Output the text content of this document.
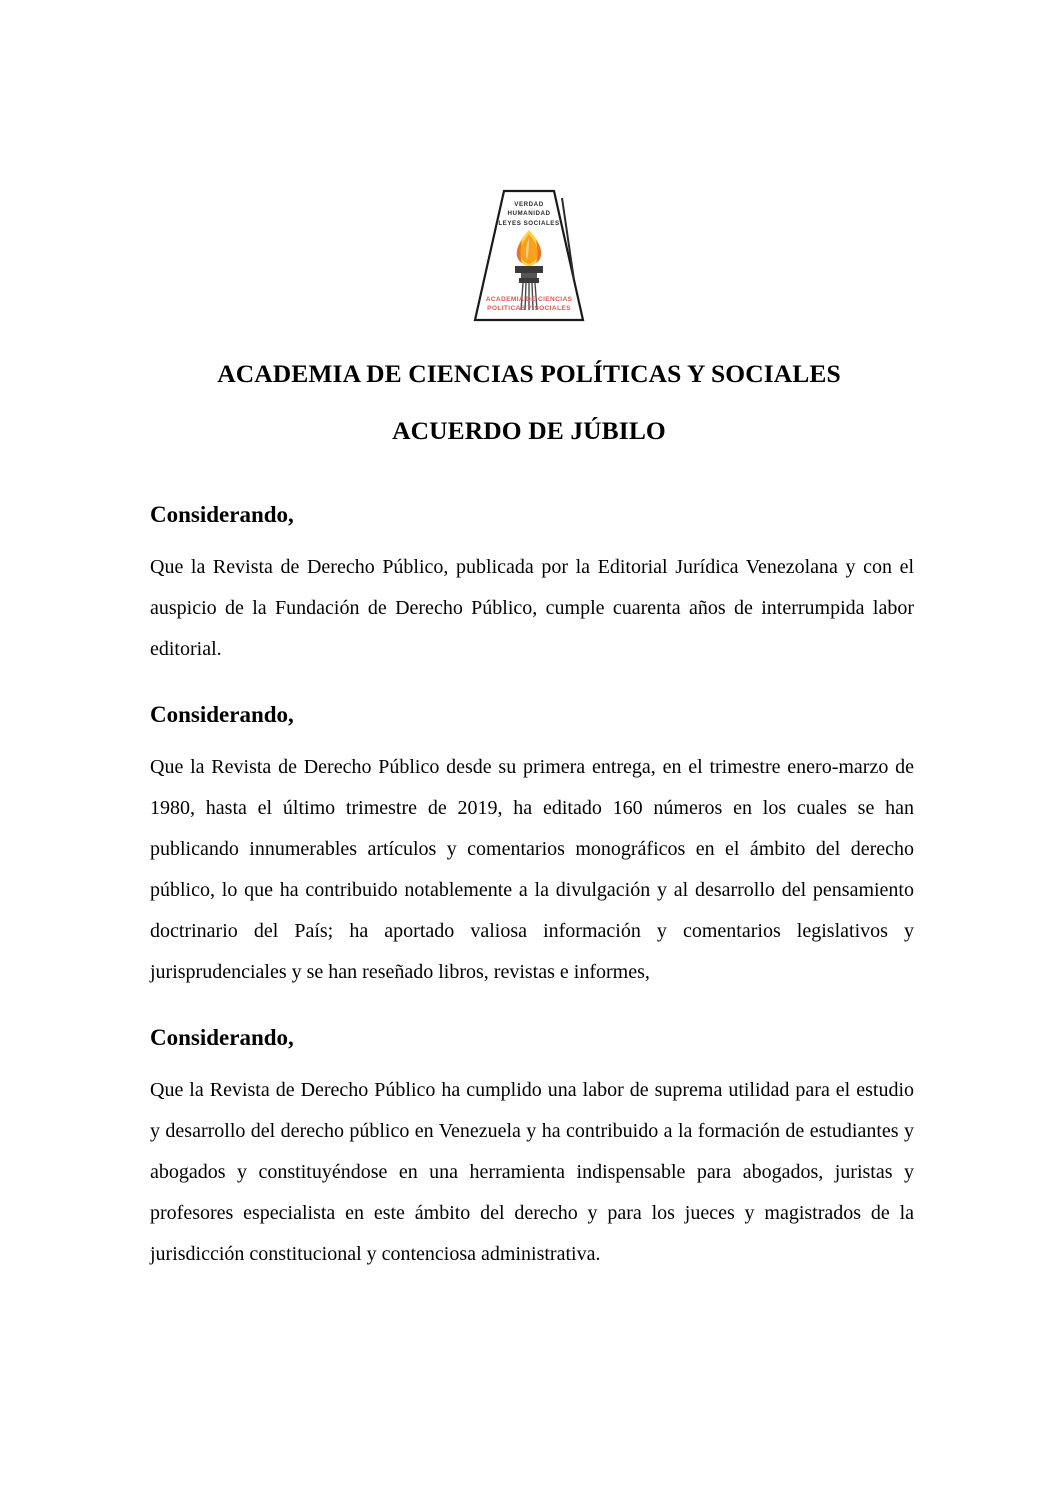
VERDAD
HUMANIDAD
LEYES SOCIALES
ACADEMIA DE CIENCIAS
POLITICAS Y SOCIALES
ACADEMIA DE CIENCIAS POLÍTICAS Y SOCIALES
ACUERDO DE JÚBILO

Considerando,

Que la Revista de Derecho Público, publicada por la Editorial Jurídica Venezolana y con el auspicio de la Fundación de Derecho Público, cumple cuarenta años de interrumpida labor editorial.

Considerando,

Que la Revista de Derecho Público desde su primera entrega, en el trimestre enero-marzo de 1980, hasta el último trimestre de 2019, ha editado 160 números en los cuales se han publicando innumerables artículos y comentarios monográficos en el ámbito del derecho público, lo que ha contribuido notablemente a la divulgación y al desarrollo del pensamiento doctrinario del País; ha aportado valiosa información y comentarios legislativos y jurisprudenciales y se han reseñado libros, revistas e informes,

Considerando,

Que la Revista de Derecho Público ha cumplido una labor de suprema utilidad para el estudio y desarrollo del derecho público en Venezuela y ha contribuido a la formación de estudiantes y abogados y constituyéndose en una herramienta indispensable para abogados, juristas y profesores especialista en este ámbito del derecho y para los jueces y magistrados de la jurisdicción constitucional y contenciosa administrativa.
